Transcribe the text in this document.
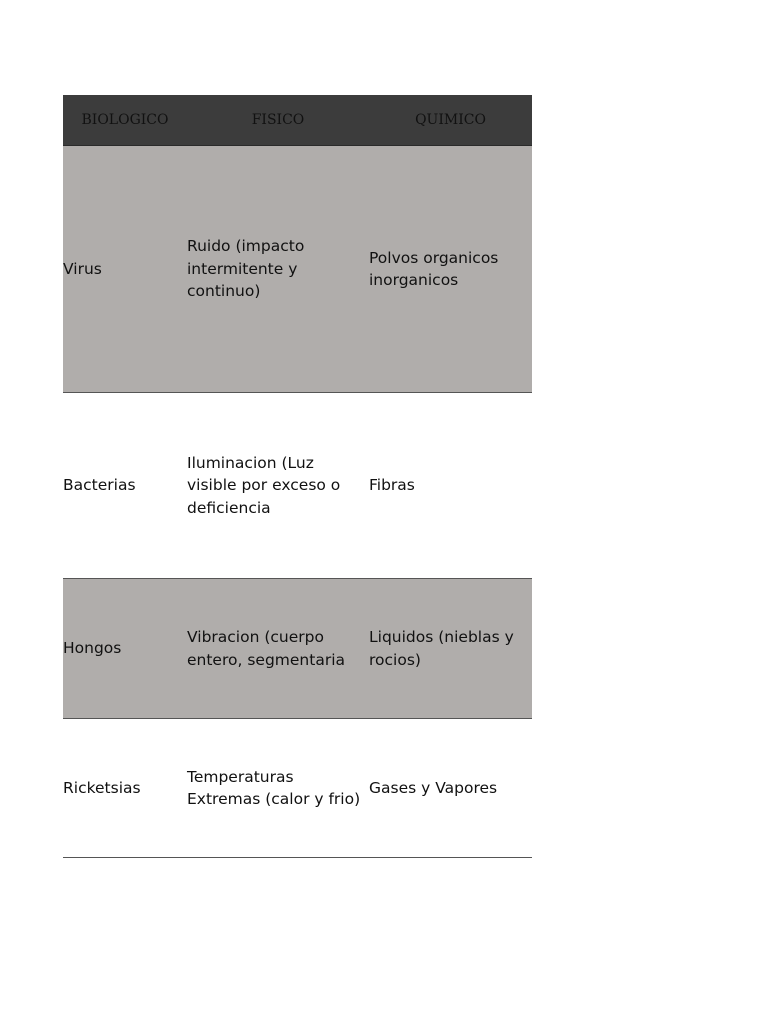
BIOLOGICO	FISICO	QUIMICO
Virus	Ruido (impacto intermitente y continuo)	Polvos organicos inorganicos
Bacterias	Iluminacion (Luz visible por exceso o deficiencia	Fibras
Hongos	Vibracion (cuerpo entero, segmentaria	Liquidos (nieblas y rocios)
Ricketsias	Temperaturas Extremas (calor y frio)	Gases y Vapores
